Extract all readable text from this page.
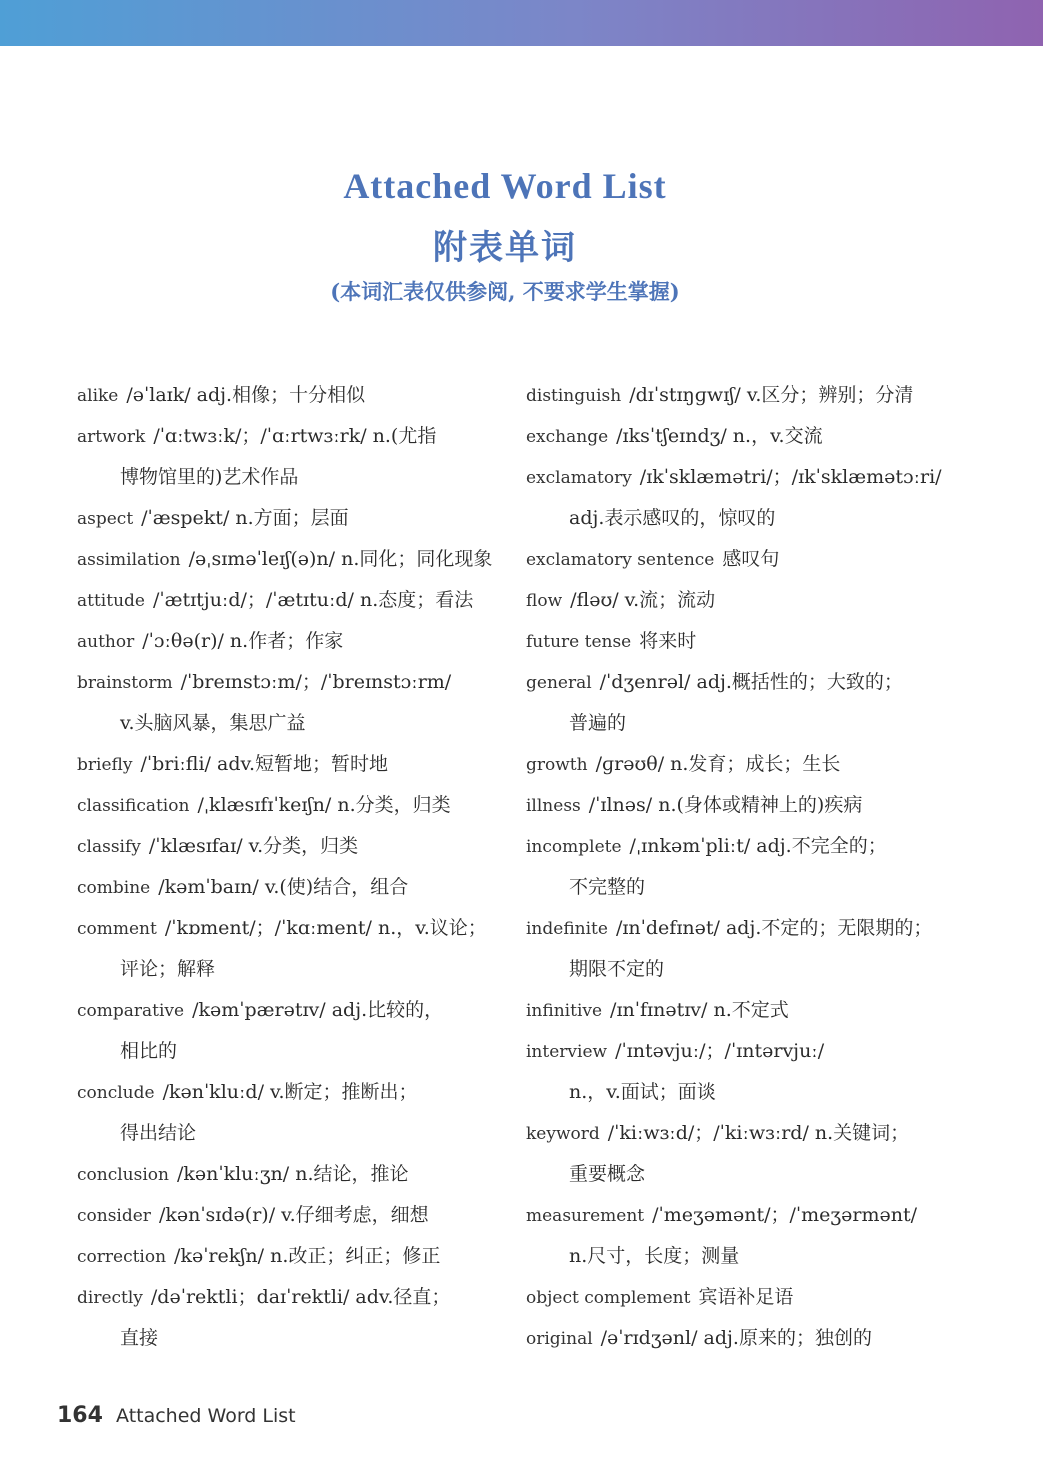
Attached Word List
附表单词
(本词汇表仅供参阅, 不要求学生掌握)
alike /əˈlaɪk/ adj.相像；十分相似
artwork /ˈɑːtwɜːk/；/ˈɑːrtwɜːrk/ n.(尤指
博物馆里的)艺术作品
aspect /ˈæspekt/ n.方面；层面
assimilation /əˌsɪməˈleɪʃ(ə)n/ n.同化；同化现象
attitude /ˈætɪtjuːd/；/ˈætɪtuːd/ n.态度；看法
author /ˈɔːθə(r)/ n.作者；作家
brainstorm /ˈbreɪnstɔːm/；/ˈbreɪnstɔːrm/
v.头脑风暴，集思广益
briefly /ˈbriːfli/ adv.短暂地；暂时地
classification /ˌklæsɪfɪˈkeɪʃn/ n.分类，归类
classify /ˈklæsɪfaɪ/ v.分类，归类
combine /kəmˈbaɪn/ v.(使)结合，组合
comment /ˈkɒment/；/ˈkɑːment/ n.，v.议论；
评论；解释
comparative /kəmˈpærətɪv/ adj.比较的，
相比的
conclude /kənˈkluːd/ v.断定；推断出；
得出结论
conclusion /kənˈkluːʒn/ n.结论，推论
consider /kənˈsɪdə(r)/ v.仔细考虑，细想
correction /kəˈrekʃn/ n.改正；纠正；修正
directly /dəˈrektli；daɪˈrektli/ adv.径直；
直接
distinguish /dɪˈstɪŋɡwɪʃ/ v.区分；辨别；分清
exchange /ɪksˈtʃeɪndʒ/ n.，v.交流
exclamatory /ɪkˈsklæmətri/；/ɪkˈsklæmətɔːri/
adj.表示感叹的，惊叹的
exclamatory sentence 感叹句
flow /fləʊ/ v.流；流动
future tense 将来时
general /ˈdʒenrəl/ adj.概括性的；大致的；
普遍的
growth /ɡrəʊθ/ n.发育；成长；生长
illness /ˈɪlnəs/ n.(身体或精神上的)疾病
incomplete /ˌɪnkəmˈpliːt/ adj.不完全的；
不完整的
indefinite /ɪnˈdefɪnət/ adj.不定的；无限期的；
期限不定的
infinitive /ɪnˈfɪnətɪv/ n.不定式
interview /ˈɪntəvjuː/；/ˈɪntərvjuː/
n.，v.面试；面谈
keyword /ˈkiːwɜːd/；/ˈkiːwɜːrd/ n.关键词；
重要概念
measurement /ˈmeʒəmənt/；/ˈmeʒərmənt/
n.尺寸，长度；测量
object complement 宾语补足语
original /əˈrɪdʒənl/ adj.原来的；独创的
164 Attached Word List
